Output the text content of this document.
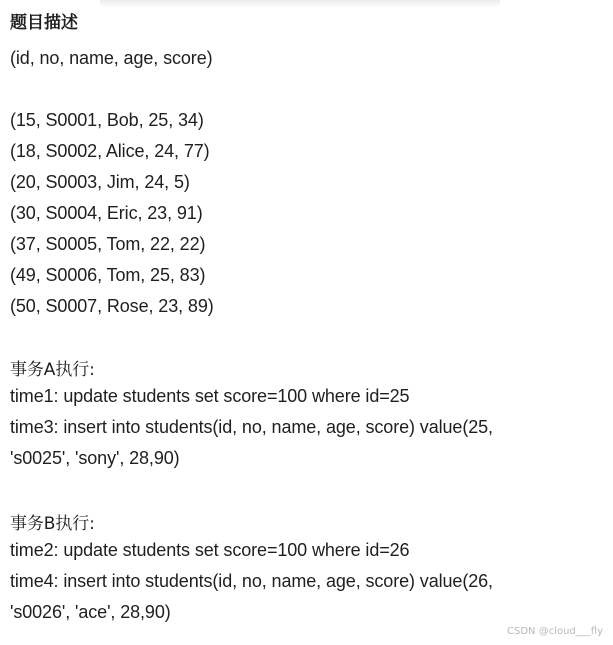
题目描述
(id, no, name, age, score)
(15, S0001, Bob, 25, 34)
(18, S0002, Alice, 24, 77)
(20, S0003, Jim, 24, 5)
(30, S0004, Eric, 23, 91)
(37, S0005, Tom, 22, 22)
(49, S0006, Tom, 25, 83)
(50, S0007, Rose, 23, 89)
事务A执行:
time1: update students set score=100 where id=25
time3: insert into students(id, no, name, age, score) value(25,
's0025', 'sony', 28,90)
事务B执行:
time2: update students set score=100 where id=26
time4: insert into students(id, no, name, age, score) value(26,
's0026', 'ace', 28,90)
CSDN @cloud___fly
